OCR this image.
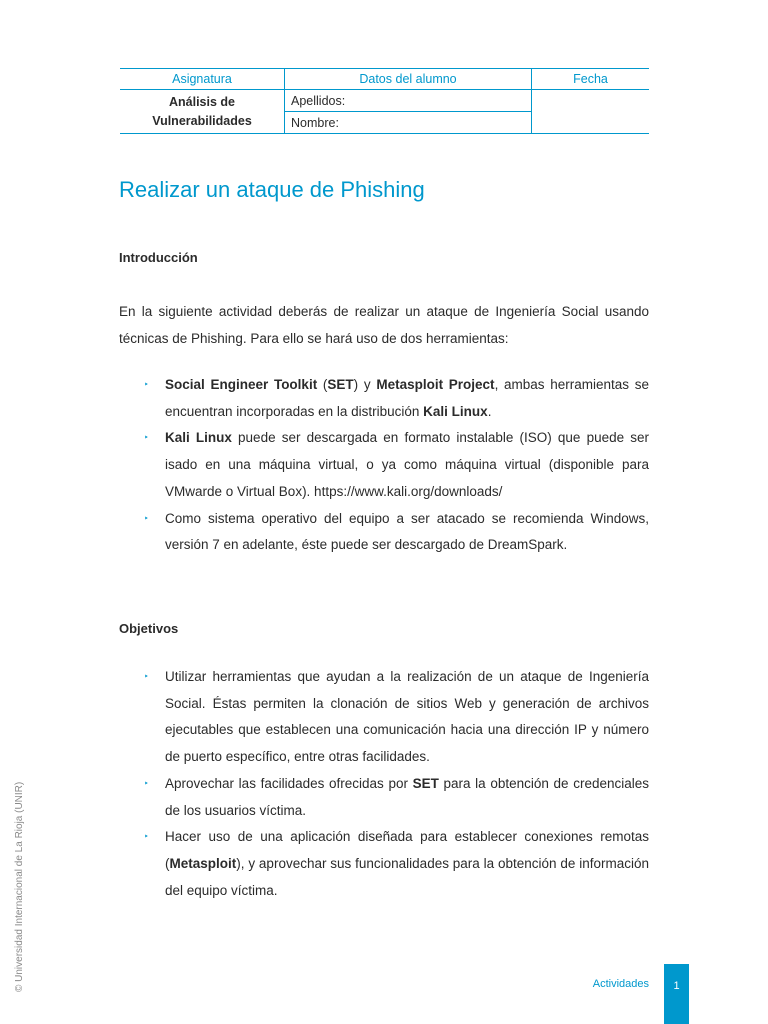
Asignatura	Datos del alumno	Fecha
Análisis de Vulnerabilidades	Apellidos:	
	Nombre:	
Realizar un ataque de Phishing
Introducción

En la siguiente actividad deberás de realizar un ataque de Ingeniería Social usando técnicas de Phishing. Para ello se hará uso de dos herramientas:

‣ Social Engineer Toolkit (SET) y Metasploit Project, ambas herramientas se encuentran incorporadas en la distribución Kali Linux.
‣ Kali Linux puede ser descargada en formato instalable (ISO) que puede ser isado en una máquina virtual, o ya como máquina virtual (disponible para VMwarde o Virtual Box). https://www.kali.org/downloads/
‣ Como sistema operativo del equipo a ser atacado se recomienda Windows, versión 7 en adelante, éste puede ser descargado de DreamSpark.
Objetivos
‣ Utilizar herramientas que ayudan a la realización de un ataque de Ingeniería Social. Éstas permiten la clonación de sitios Web y generación de archivos ejecutables que establecen una comunicación hacia una dirección IP y número de puerto específico, entre otras facilidades.
‣ Aprovechar las facilidades ofrecidas por SET para la obtención de credenciales de los usuarios víctima.
‣ Hacer uso de una aplicación diseñada para establecer conexiones remotas (Metasploit), y aprovechar sus funcionalidades para la obtención de información del equipo víctima.
© Universidad Internacional de La Rioja (UNIR)	Actividades	1
